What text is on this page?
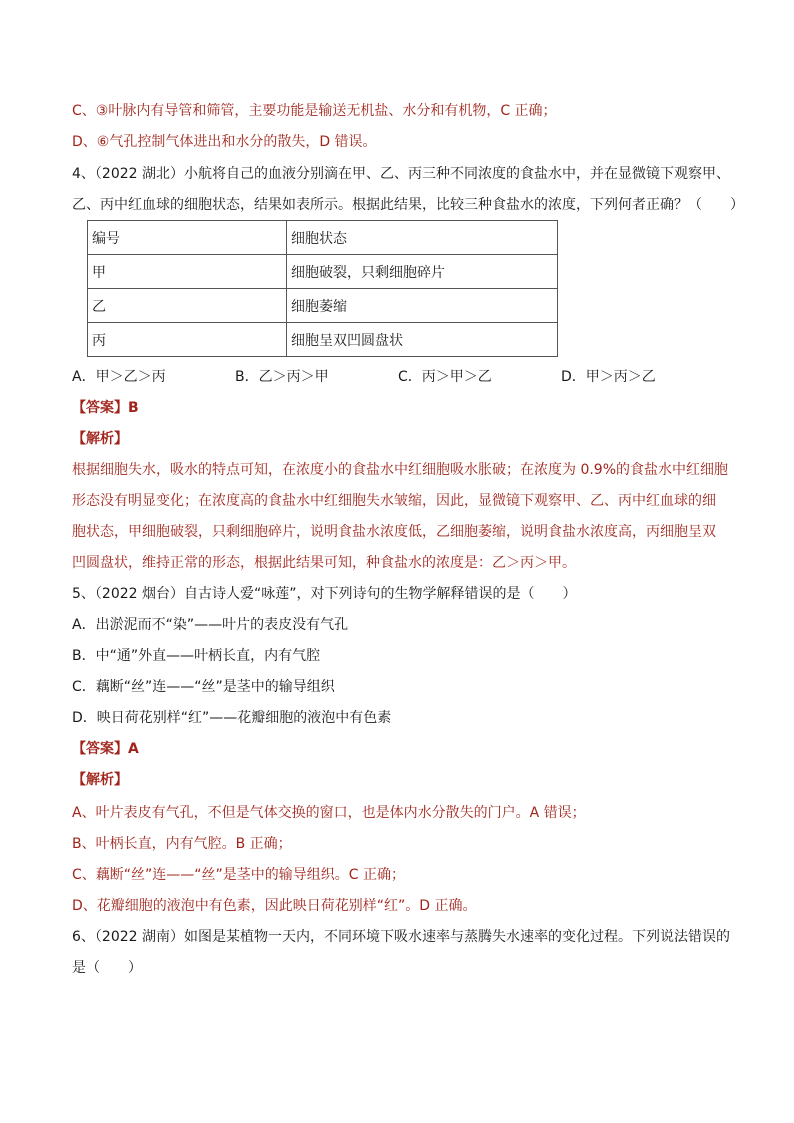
C、③叶脉内有导管和筛管，主要功能是输送无机盐、水分和有机物，C 正确；
D、⑥气孔控制气体进出和水分的散失，D 错误。
4、（2022 湖北）小航将自己的血液分别滴在甲、乙、丙三种不同浓度的食盐水中，并在显微镜下观察甲、
乙、丙中红血球的细胞状态，结果如表所示。根据此结果，比较三种食盐水的浓度，下列何者正确？（　　）
编号	细胞状态
甲	细胞破裂，只剩细胞碎片
乙	细胞萎缩
丙	细胞呈双凹圆盘状
A．甲＞乙＞丙	B．乙＞丙＞甲	C．丙＞甲＞乙	D．甲＞丙＞乙
【答案】B
【解析】
根据细胞失水，吸水的特点可知，在浓度小的食盐水中红细胞吸水胀破；在浓度为 0.9%的食盐水中红细胞
形态没有明显变化；在浓度高的食盐水中红细胞失水皱缩，因此，显微镜下观察甲、乙、丙中红血球的细
胞状态，甲细胞破裂，只剩细胞碎片，说明食盐水浓度低，乙细胞萎缩，说明食盐水浓度高，丙细胞呈双
凹圆盘状，维持正常的形态，根据此结果可知，种食盐水的浓度是：乙＞丙＞甲。
5、（2022 烟台）自古诗人爱“咏莲”，对下列诗句的生物学解释错误的是（　　）
A．出淤泥而不“染”——叶片的表皮没有气孔
B．中“通”外直——叶柄长直，内有气腔
C．藕断“丝”连——“丝”是茎中的输导组织
D．映日荷花别样“红”——花瓣细胞的液泡中有色素
【答案】A
【解析】
A、叶片表皮有气孔，不但是气体交换的窗口，也是体内水分散失的门户。A 错误；
B、叶柄长直，内有气腔。B 正确；
C、藕断“丝”连——“丝”是茎中的输导组织。C 正确；
D、花瓣细胞的液泡中有色素，因此映日荷花别样“红”。D 正确。
6、（2022 湖南）如图是某植物一天内，不同环境下吸水速率与蒸腾失水速率的变化过程。下列说法错误的
是（　　）
